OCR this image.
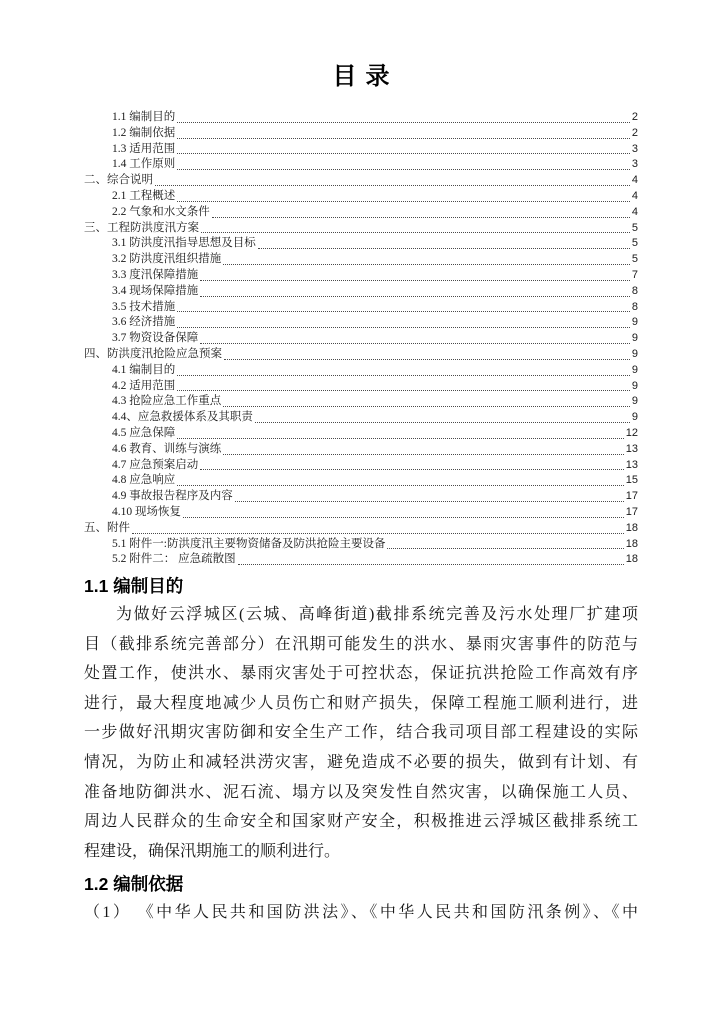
目录
1.1 编制目的	2
1.2 编制依据	2
1.3 适用范围	3
1.4 工作原则	3
二、综合说明	4
2.1 工程概述	4
2.2 气象和水文条件	4
三、工程防洪度汛方案	5
3.1 防洪度汛指导思想及目标	5
3.2 防洪度汛组织措施	5
3.3 度汛保障措施	7
3.4 现场保障措施	8
3.5 技术措施	8
3.6 经济措施	9
3.7 物资设备保障	9
四、防洪度汛抢险应急预案	9
4.1 编制目的	9
4.2 适用范围	9
4.3 抢险应急工作重点	9
4.4、应急救援体系及其职责	9
4.5 应急保障	12
4.6 教育、训练与演练	13
4.7 应急预案启动	13
4.8 应急响应	15
4.9 事故报告程序及内容	17
4.10 现场恢复	17
五、附件	18
5.1 附件一:防洪度汛主要物资储备及防洪抢险主要设备	18
5.2 附件二： 应急疏散图	18
1.1 编制目的
为做好云浮城区(云城、高峰街道)截排系统完善及污水处理厂扩建项
目（截排系统完善部分）在汛期可能发生的洪水、暴雨灾害事件的防范与
处置工作，使洪水、暴雨灾害处于可控状态，保证抗洪抢险工作高效有序
进行，最大程度地减少人员伤亡和财产损失，保障工程施工顺利进行，进
一步做好汛期灾害防御和安全生产工作，结合我司项目部工程建设的实际
情况，为防止和减轻洪涝灾害，避免造成不必要的损失，做到有计划、有
准备地防御洪水、泥石流、塌方以及突发性自然灾害，以确保施工人员、
周边人民群众的生命安全和国家财产安全，积极推进云浮城区截排系统工
程建设，确保汛期施工的顺利进行。
1.2 编制依据
（1） 《中华人民共和国防洪法》、《中华人民共和国防汛条例》、《中
